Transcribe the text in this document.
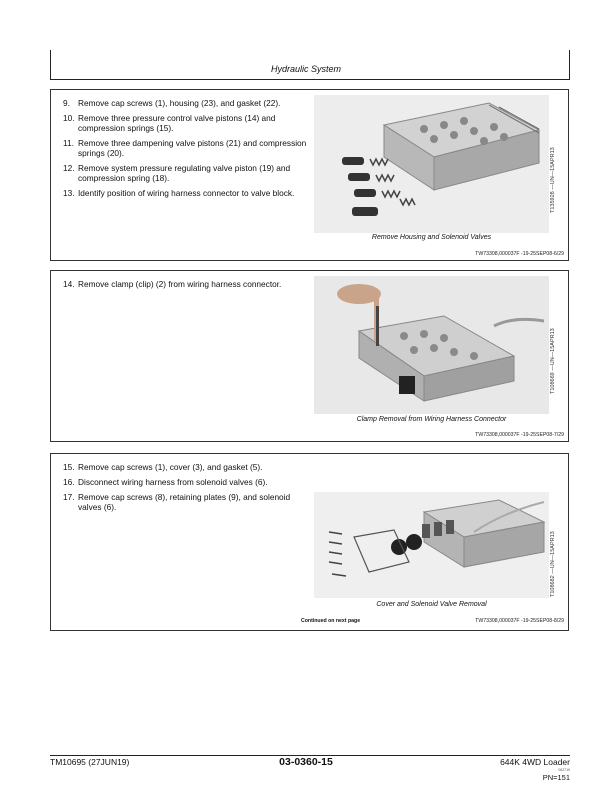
Hydraulic System
9. Remove cap screws (1), housing (23), and gasket (22).
10. Remove three pressure control valve pistons (14) and compression springs (15).
11. Remove three dampening valve pistons (21) and compression springs (20).
12. Remove system pressure regulating valve piston (19) and compression spring (18).
13. Identify position of wiring harness connector to valve block.	T135928 —UN—15APR13
Remove Housing and Solenoid Valves
TW73308,000037F -19-25SEP08-6/29
14. Remove clamp (clip) (2) from wiring harness connector.
T108669 —UN—15APR13
Clamp Removal from Wiring Harness Connector
TW73308,000037F -19-25SEP08-7/29
15. Remove cap screws (1), cover (3), and gasket (5).
16. Disconnect wiring harness from solenoid valves (6).
17. Remove cap screws (8), retaining plates (9), and solenoid valves (6).
T108682 —UN—15APR13
Cover and Solenoid Valve Removal
Continued on next page	TW73308,000037F -19-25SEP08-8/29
TM10695 (27JUN19)	03-0360-15	644K 4WD Loader
062719
PN=151
